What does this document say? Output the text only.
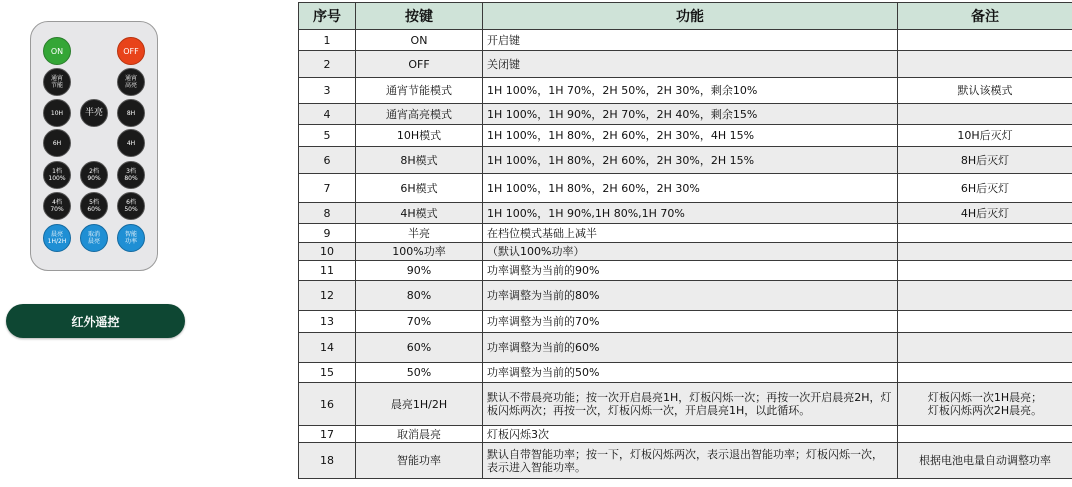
ON	OFF
通宵
节能
通宵
高亮
10H	半亮	8H
6H	4H
1档
100%
2档
90%
3档
80%
4档
70%
5档
60%
6档
50%
晨亮
1H/2H
取消
晨亮
智能
功率
红外遥控
序号	按键	功能	备注
1	ON	开启键	
2	OFF	关闭键	
3	通宵节能模式	1H 100%，1H 70%，2H 50%，2H 30%，剩余10%	默认该模式
4	通宵高亮模式	1H 100%，1H 90%，2H 70%，2H 40%，剩余15%	
5	10H模式	1H 100%，1H 80%，2H 60%，2H 30%，4H 15%	10H后灭灯
6	8H模式	1H 100%，1H 80%，2H 60%，2H 30%，2H 15%	8H后灭灯
7	6H模式	1H 100%，1H 80%，2H 60%，2H 30%	6H后灭灯
8	4H模式	1H 100%，1H 90%,1H 80%,1H 70%	4H后灭灯
9	半亮	在档位模式基础上减半	
10	100%功率	（默认100%功率）	
11	90%	功率调整为当前的90%	
12	80%	功率调整为当前的80%	
13	70%	功率调整为当前的70%	
14	60%	功率调整为当前的60%	
15	50%	功率调整为当前的50%	
16	晨亮1H/2H	默认不带晨亮功能；按一次开启晨亮1H，灯板闪烁一次；再按一次开启晨亮2H，灯板闪烁两次；再按一次，灯板闪烁一次，开启晨亮1H，以此循环。	灯板闪烁一次1H晨亮；
灯板闪烁两次2H晨亮。
17	取消晨亮	灯板闪烁3次	
18	智能功率	默认自带智能功率；按一下，灯板闪烁两次，表示退出智能功率；灯板闪烁一次，表示进入智能功率。	根据电池电量自动调整功率
